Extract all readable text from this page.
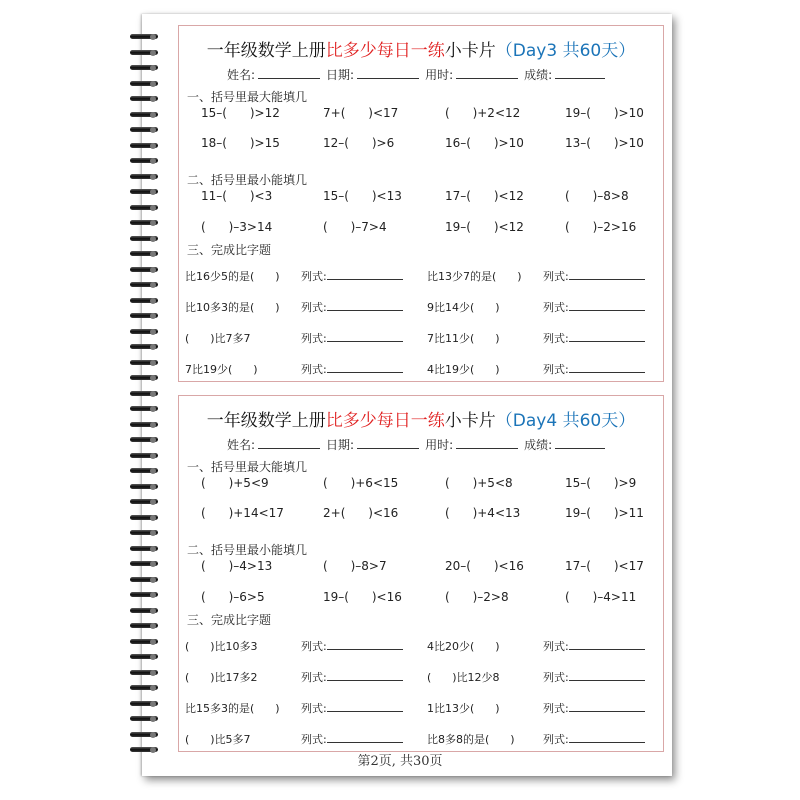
一年级数学上册比多少每日一练小卡片（Day3 共60天）
姓名:	日期:	用时:	成绩:
一、括号里最大能填几
15–(      )>12	7+(      )<17	(      )+2<12	19–(      )>10
18–(      )>15	12–(      )>6	16–(      )>10	13–(      )>10
二、括号里最小能填几
11–(      )<3	15–(      )<13	17–(      )<12	(      )–8>8
(      )–3>14	(      )–7>4	19–(      )<12	(      )–2>16
三、完成比字题
比16少5的是(      ) 列式:	比13少7的是(      ) 列式:
比10多3的是(      ) 列式:	9比14少(      )	列式:
(      )比7多7	列式:	7比11少(      )	列式:
7比19少(      )	列式:	4比19少(      )	列式:
一年级数学上册比多少每日一练小卡片（Day4 共60天）
姓名:	日期:	用时:	成绩:
一、括号里最大能填几
(      )+5<9	(      )+6<15	(      )+5<8	15–(      )>9
(      )+14<17	2+(      )<16	(      )+4<13	19–(      )>11
二、括号里最小能填几
(      )–4>13	(      )–8>7	20–(      )<16	17–(      )<17
(      )–6>5	19–(      )<16	(      )–2>8	(      )–4>11
三、完成比字题
(      )比10多3	列式:	4比20少(      )	列式:
(      )比17多2	列式:	(      )比12少8	列式:
比15多3的是(      ) 列式:	1比13少(      )	列式:
(      )比5多7	列式:	比8多8的是(      )	列式:
第2页, 共30页
